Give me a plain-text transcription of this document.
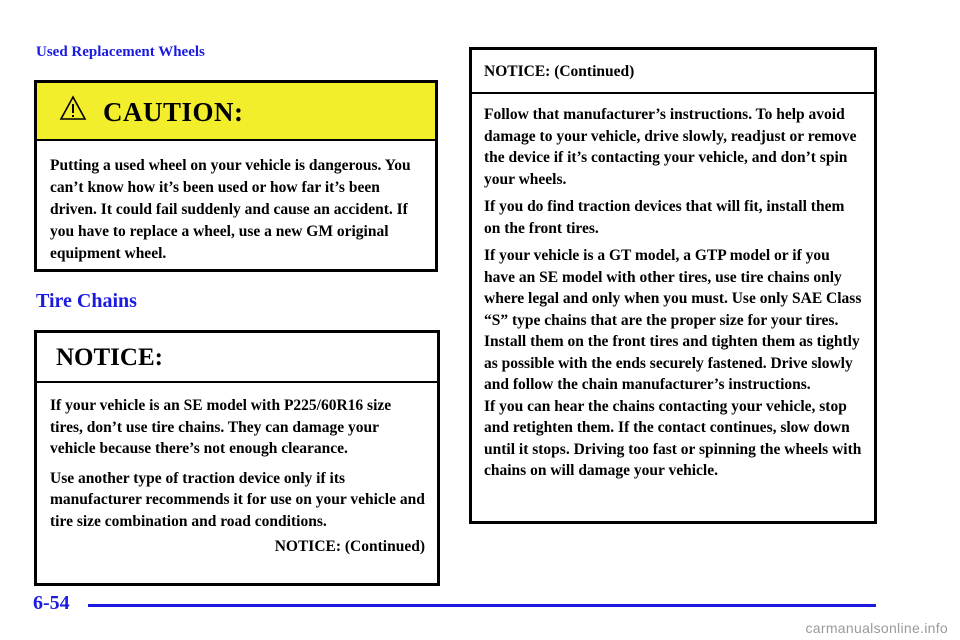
Used Replacement Wheels
CAUTION:
Putting a used wheel on your vehicle is dangerous. You can’t know how it’s been used or how far it’s been driven. It could fail suddenly and cause an accident. If you have to replace a wheel, use a new GM original equipment wheel.
Tire Chains
NOTICE:

If your vehicle is an SE model with P225/60R16 size tires, don’t use tire chains. They can damage your vehicle because there’s not enough clearance.

Use another type of traction device only if its manufacturer recommends it for use on your vehicle and tire size combination and road conditions.

NOTICE: (Continued)
NOTICE: (Continued)

Follow that manufacturer’s instructions. To help avoid damage to your vehicle, drive slowly, readjust or remove the device if it’s contacting your vehicle, and don’t spin your wheels.

If you do find traction devices that will fit, install them on the front tires.

If your vehicle is a GT model, a GTP model or if you have an SE model with other tires, use tire chains only where legal and only when you must. Use only SAE Class “S” type chains that are the proper size for your tires. Install them on the front tires and tighten them as tightly as possible with the ends securely fastened. Drive slowly and follow the chain manufacturer’s instructions.

If you can hear the chains contacting your vehicle, stop and retighten them. If the contact continues, slow down until it stops. Driving too fast or spinning the wheels with chains on will damage your vehicle.

6-54
carmanualsonline.info
